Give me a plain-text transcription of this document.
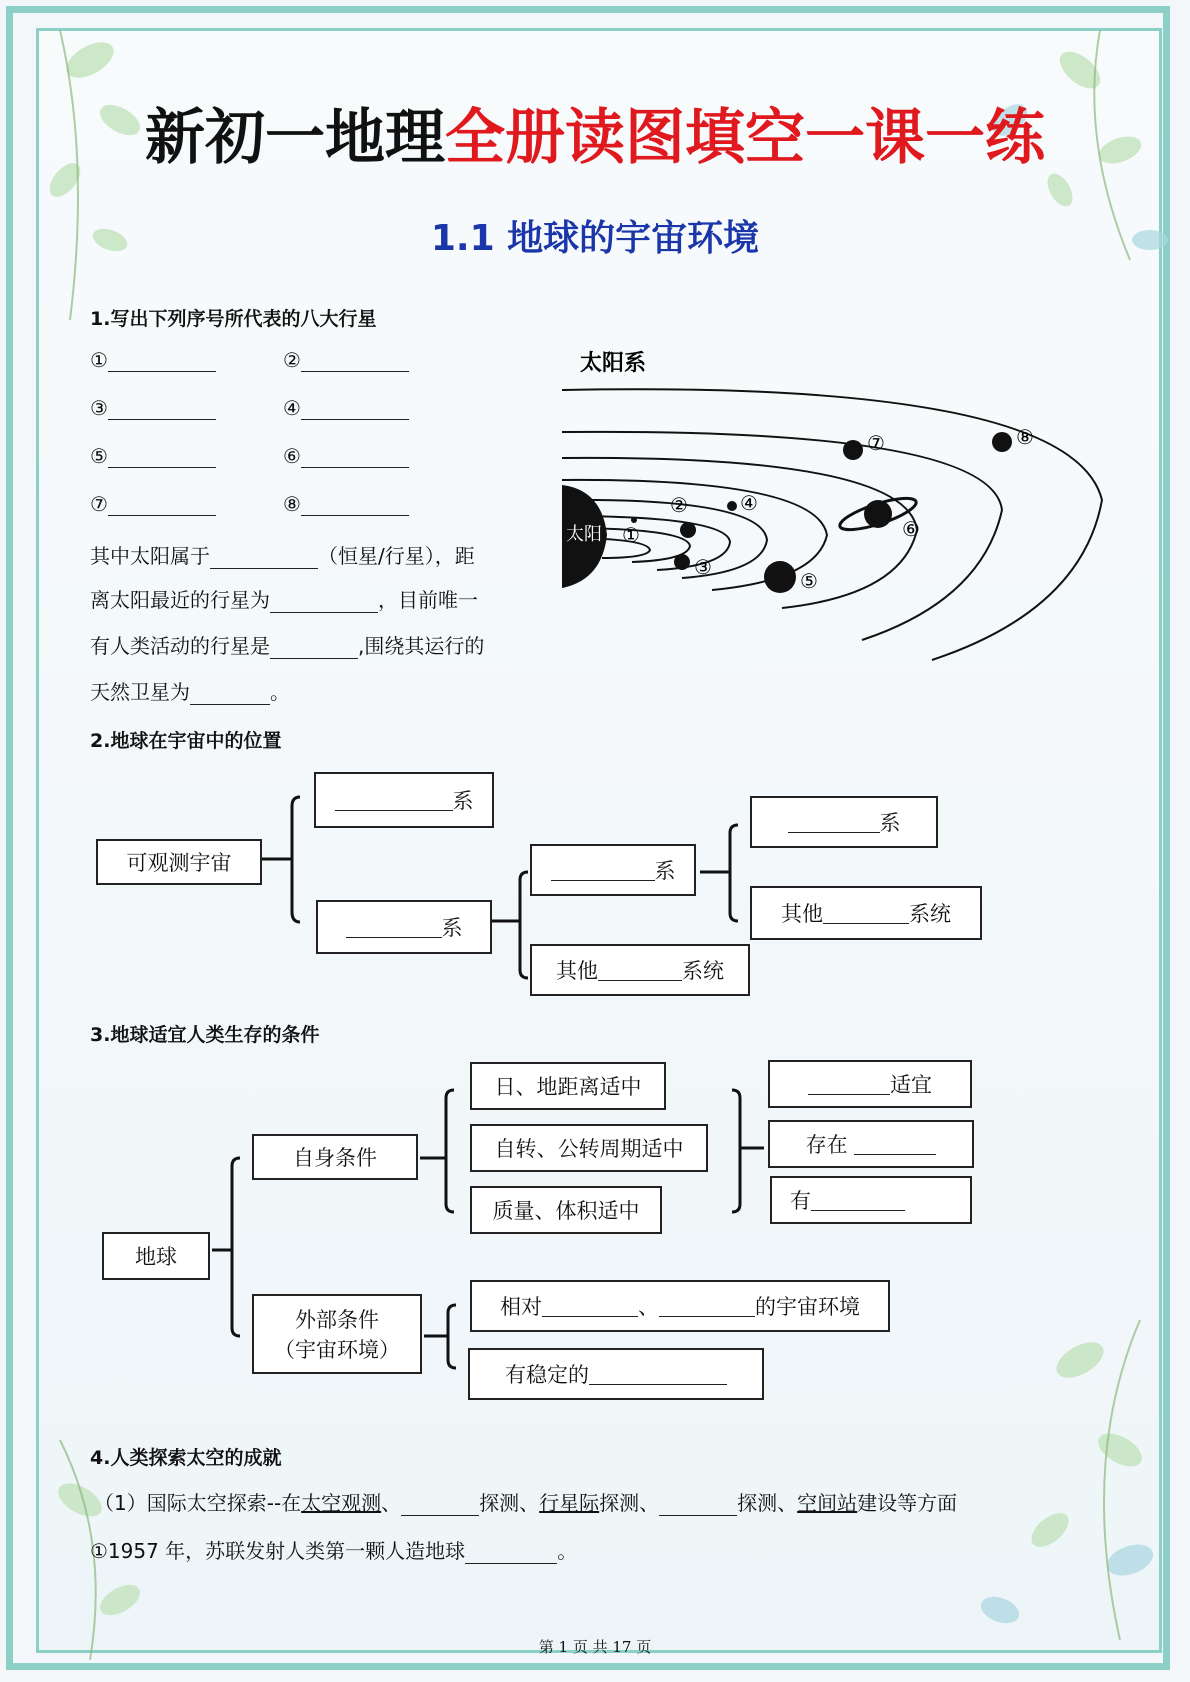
新初一地理全册读图填空一课一练
1.1 地球的宇宙环境
1.写出下列序号所代表的八大行星
①	②
③	④
⑤	⑥
⑦	⑧
其中太阳属于	（恒星/行星），距
离太阳最近的行星为	，目前唯一
有人类活动的行星是	,围绕其运行的
天然卫星为	。
太阳系
太阳 ①
②
③
④
⑤
⑥
⑦	⑧
2.地球在宇宙中的位置
可观测宇宙
系
系
系
其他	系统
系
其他	系统
3.地球适宜人类生存的条件
地球
自身条件
外部条件
（宇宙环境）
日、地距离适中
自转、公转周期适中
质量、体积适中
适宜
存在

有
相对	、	的宇宙环境
有稳定的
4.人类探索太空的成就
（1）国际太空探索--在太空观测、	探测、行星际探测、	探测、空间站建设等方面
①1957 年，苏联发射人类第一颗人造地球	。
第 1 页 共 17 页
